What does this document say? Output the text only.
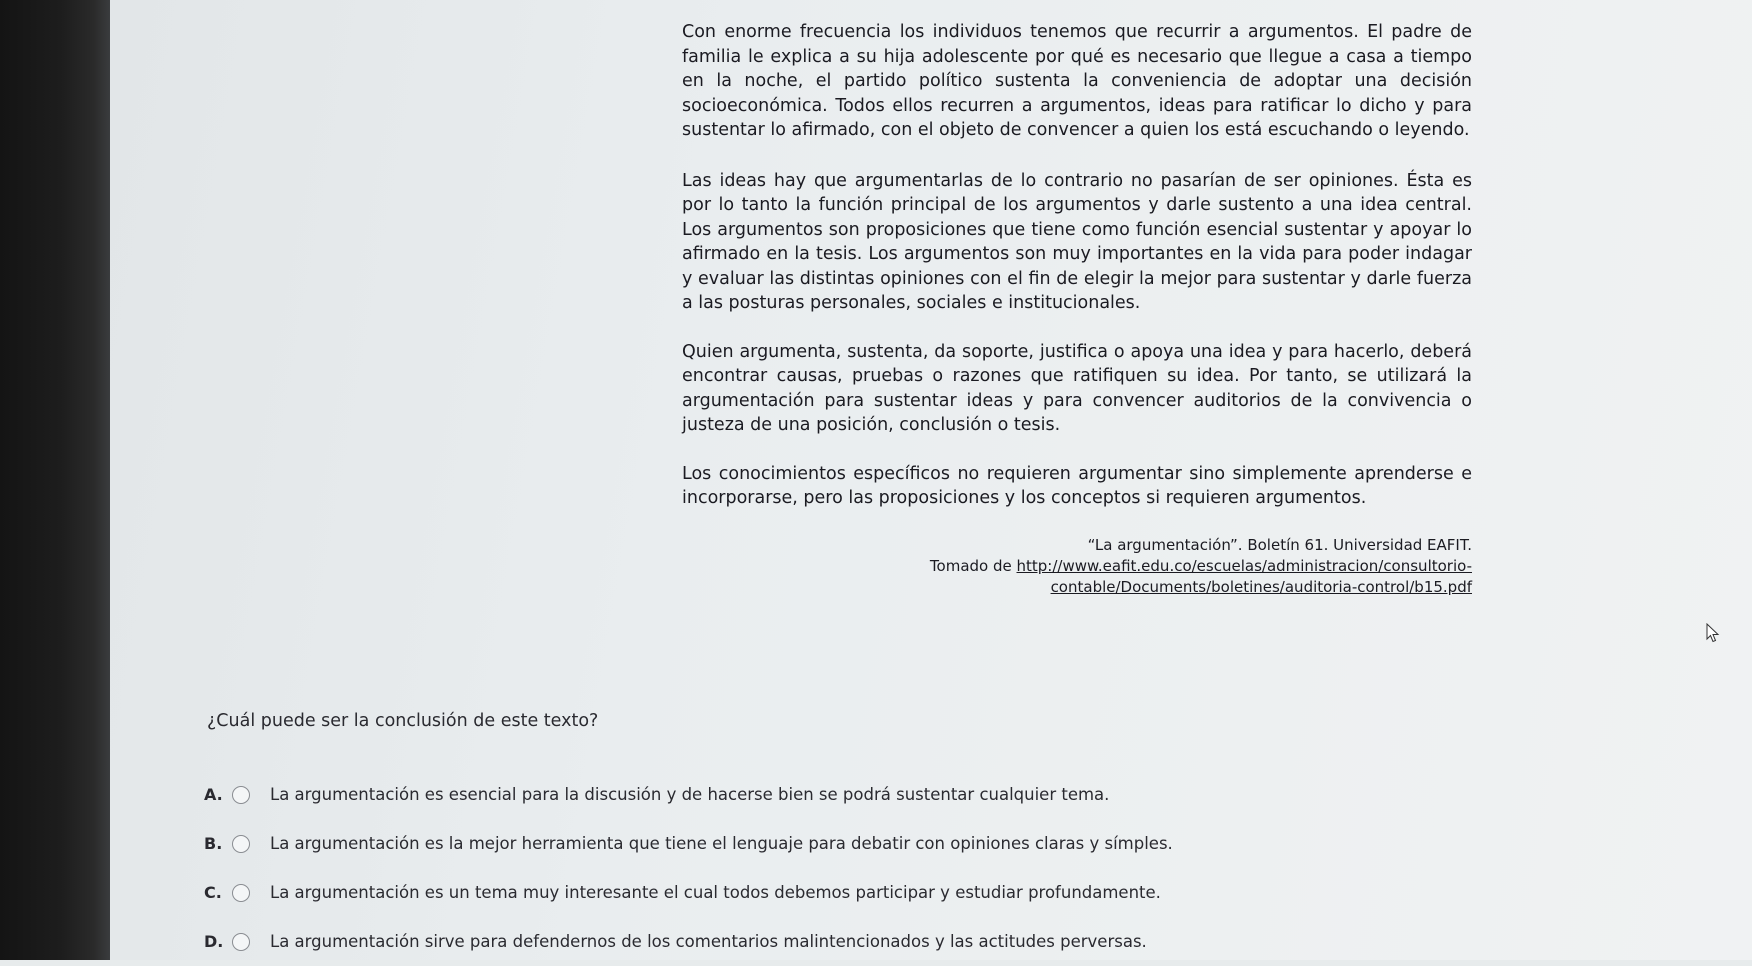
Con enorme frecuencia los individuos tenemos que recurrir a argumentos. El padre de familia le explica a su hija adolescente por qué es necesario que llegue a casa a tiempo en la noche, el partido político sustenta la conveniencia de adoptar una decisión socioeconómica. Todos ellos recurren a argumentos, ideas para ratificar lo dicho y para sustentar lo afirmado, con el objeto de convencer a quien los está escuchando o leyendo.

Las ideas hay que argumentarlas de lo contrario no pasarían de ser opiniones. Ésta es por lo tanto la función principal de los argumentos y darle sustento a una idea central. Los argumentos son proposiciones que tiene como función esencial sustentar y apoyar lo afirmado en la tesis. Los argumentos son muy importantes en la vida para poder indagar y evaluar las distintas opiniones con el fin de elegir la mejor para sustentar y darle fuerza a las posturas personales, sociales e institucionales.

Quien argumenta, sustenta, da soporte, justifica o apoya una idea y para hacerlo, deberá encontrar causas, pruebas o razones que ratifiquen su idea. Por tanto, se utilizará la argumentación para sustentar ideas y para convencer auditorios de la convivencia o justeza de una posición, conclusión o tesis.

Los conocimientos específicos no requieren argumentar sino simplemente aprenderse e incorporarse, pero las proposiciones y los conceptos si requieren argumentos.

“La argumentación”. Boletín 61. Universidad EAFIT.
Tomado de http://www.eafit.edu.co/escuelas/administracion/consultorio-
contable/Documents/boletines/auditoria-control/b15.pdf
¿Cuál puede ser la conclusión de este texto?
A.	La argumentación es esencial para la discusión y de hacerse bien se podrá sustentar cualquier tema.
B.	La argumentación es la mejor herramienta que tiene el lenguaje para debatir con opiniones claras y símples.
C.	La argumentación es un tema muy interesante el cual todos debemos participar y estudiar profundamente.
D.	La argumentación sirve para defendernos de los comentarios malintencionados y las actitudes perversas.
